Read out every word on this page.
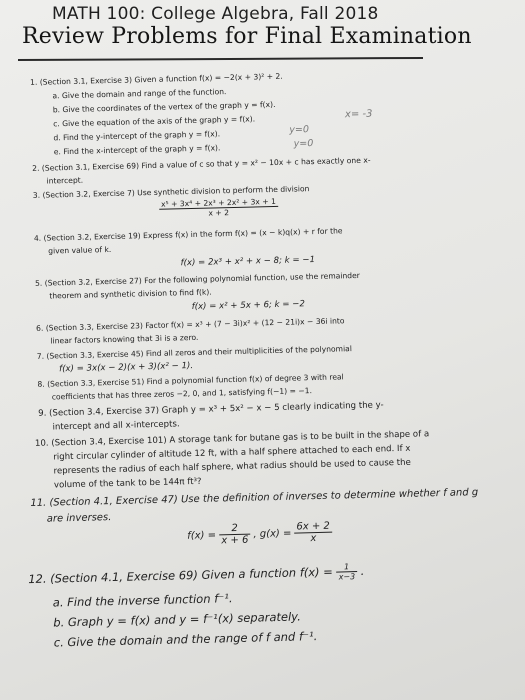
MATH 100: College Algebra, Fall 2018
Review Problems for Final Examination
1. (Section 3.1, Exercise 3) Given a function f(x) = −2(x + 3)² + 2.
a. Give the domain and range of the function.
b. Give the coordinates of the vertex of the graph y = f(x).
c. Give the equation of the axis of the graph y = f(x).
x= -3
d. Find the y-intercept of the graph y = f(x).	y=0
e. Find the x-intercept of the graph y = f(x).	y=0
2. (Section 3.1, Exercise 69) Find a value of c so that y = x² − 10x + c has exactly one x-
intercept.
3. (Section 3.2, Exercise 7) Use synthetic division to perform the division
$\frac{\text{x⁵ + 3x⁴ + 2x³ + 2x² + 3x + 1}}{x + 2}$
4. (Section 3.2, Exercise 19) Express f(x) in the form f(x) = (x − k)q(x) + r for the
given value of k.
f(x) = 2x³ + x² + x − 8; k = −1
5. (Section 3.2, Exercise 27) For the following polynomial function, use the remainder
theorem and synthetic division to find f(k).
f(x) = x² + 5x + 6; k = −2
6. (Section 3.3, Exercise 23) Factor f(x) = x³ + (7 − 3i)x² + (12 − 21i)x − 36i into
linear factors knowing that 3i is a zero.
7. (Section 3.3, Exercise 45) Find all zeros and their multiplicities of the polynomial
f(x) = 3x(x − 2)(x + 3)(x² − 1).
8. (Section 3.3, Exercise 51) Find a polynomial function f(x) of degree 3 with real
coefficients that has three zeros −2, 0, and 1, satisfying f(−1) = −1.
9. (Section 3.4, Exercise 37) Graph y = x³ + 5x² − x − 5 clearly indicating the y-
intercept and all x-intercepts.
10. (Section 3.4, Exercise 101) A storage tank for butane gas is to be built in the shape of a
right circular cylinder of altitude 12 ft, with a half sphere attached to each end. If x
represents the radius of each half sphere, what radius should be used to cause the
volume of the tank to be 144π ft³?
11. (Section 4.1, Exercise 47) Use the definition of inverses to determine whether f and g
are inverses.
$f(x) = \frac{2}{x + 6}$ , $g(x) = \frac{6x + 2}{x}$
12. (Section 4.1, Exercise 69) Given a function $f(x) = \frac{1}{x-3}$ .
a. Find the inverse function f⁻¹.
b. Graph y = f(x) and y = f⁻¹(x) separately.
c. Give the domain and the range of f and f⁻¹.
